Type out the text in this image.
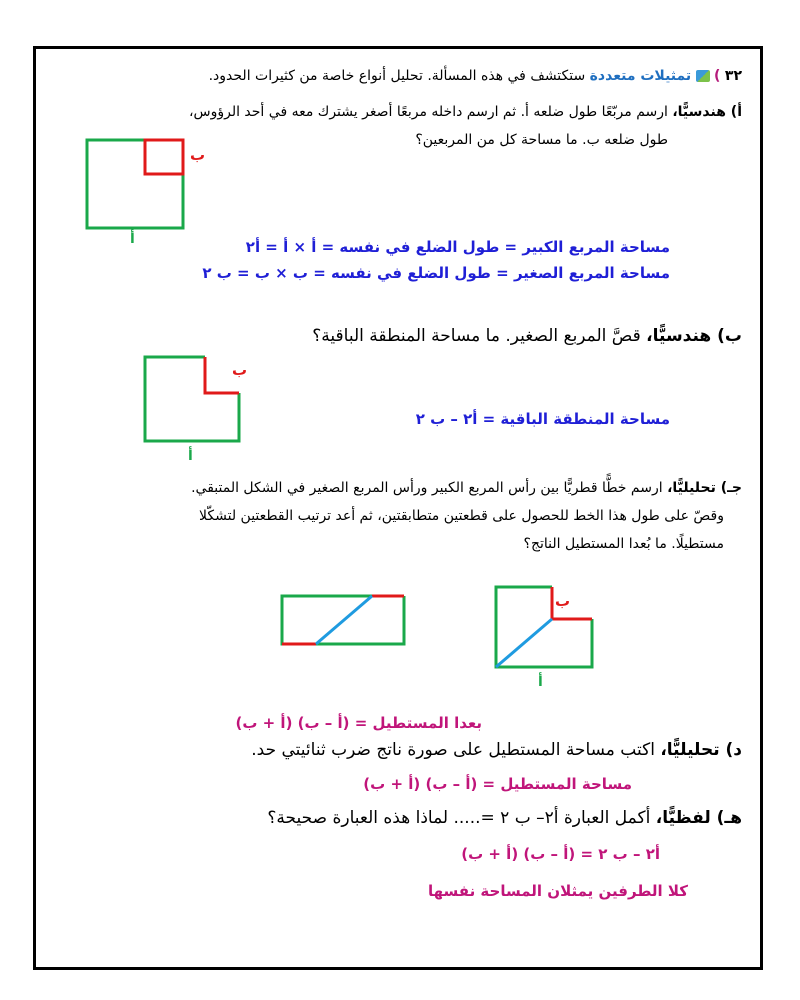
٣٢ )  تمثيلات متعددة ستكتشف في هذه المسألة. تحليل أنواع خاصة من كثيرات الحدود.
أ) هندسيًّا، ارسم مربّعًا طول ضلعه أ. ثم ارسم داخله مربعًا أصغر يشترك معه في أحد الرؤوس،
طول ضلعه ب. ما مساحة كل من المربعين؟
ب
أ	مساحة المربع الكبير = طول الضلع في نفسه = أ × أ = أ٢
مساحة المربع الصغير = طول الضلع في نفسه = ب × ب = ب ٢
ب) هندسيًّا، قصَّ المربع الصغير. ما مساحة المنطقة الباقية؟
ب
أ
مساحة المنطقة الباقية = أ٢ – ب ٢
جـ) تحليليًّا، ارسم خطًّا قطريًّا بين رأس المربع الكبير ورأس المربع الصغير في الشكل المتبقي.
وقصّ على طول هذا الخط للحصول على قطعتين متطابقتين، ثم أعد ترتيب القطعتين لتشكّلا
مستطيلًا. ما بُعدا المستطيل الناتج؟
ب
أ
بعدا المستطيل = (أ – ب) (أ + ب)
د) تحليليًّا، اكتب مساحة المستطيل على صورة ناتج ضرب ثنائيتي حد.
مساحة المستطيل = (أ – ب) (أ + ب)
هـ) لفظيًّا، أكمل العبارة أ٢– ب ٢ =..... لماذا هذه العبارة صحيحة؟
أ٢ – ب ٢ = (أ – ب) (أ + ب)
كلا الطرفين يمثلان المساحة نفسها
